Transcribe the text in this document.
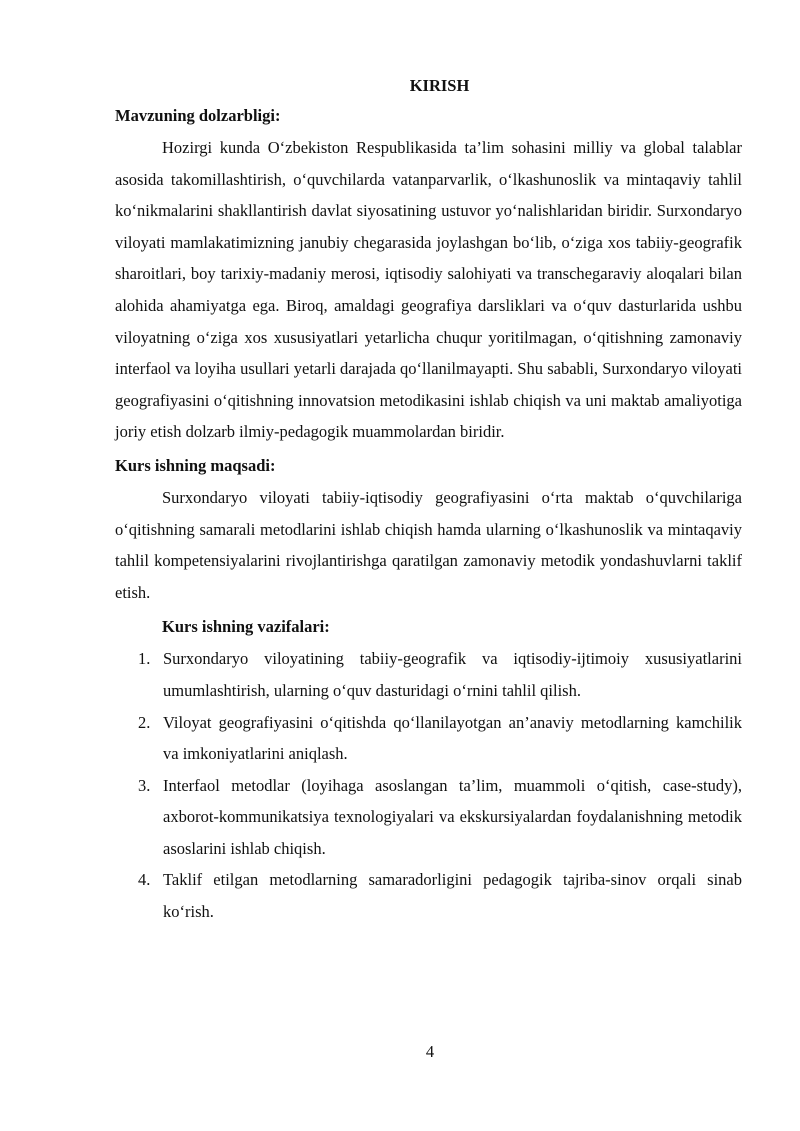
KIRISH
Mavzuning dolzarbligi:

Hozirgi kunda O‘zbekiston Respublikasida ta’lim sohasini milliy va global talablar asosida takomillashtirish, o‘quvchilarda vatanparvarlik, o‘lkashunoslik va mintaqaviy tahlil ko‘nikmalarini shakllantirish davlat siyosatining ustuvor yo‘nalishlaridan biridir. Surxondaryo viloyati mamlakatimizning janubiy chegarasida joylashgan bo‘lib, o‘ziga xos tabiiy-geografik sharoitlari, boy tarixiy-madaniy merosi, iqtisodiy salohiyati va transchegaraviy aloqalari bilan alohida ahamiyatga ega. Biroq, amaldagi geografiya darsliklari va o‘quv dasturlarida ushbu viloyatning o‘ziga xos xususiyatlari yetarlicha chuqur yoritilmagan, o‘qitishning zamonaviy interfaol va loyiha usullari yetarli darajada qo‘llanilmayapti. Shu sababli, Surxondaryo viloyati geografiyasini o‘qitishning innovatsion metodikasini ishlab chiqish va uni maktab amaliyotiga joriy etish dolzarb ilmiy-pedagogik muammolardan biridir.

Kurs ishning maqsadi:

Surxondaryo viloyati tabiiy-iqtisodiy geografiyasini o‘rta maktab o‘quvchilariga o‘qitishning samarali metodlarini ishlab chiqish hamda ularning o‘lkashunoslik va mintaqaviy tahlil kompetensiyalarini rivojlantirishga qaratilgan zamonaviy metodik yondashuvlarni taklif etish.

Kurs ishning vazifalari:
1. Surxondaryo viloyatining tabiiy-geografik va iqtisodiy-ijtimoiy xususiyatlarini umumlashtirish, ularning o‘quv dasturidagi o‘rnini tahlil qilish.
2. Viloyat geografiyasini o‘qitishda qo‘llanilayotgan an’anaviy metodlarning kamchilik va imkoniyatlarini aniqlash.
3. Interfaol metodlar (loyihaga asoslangan ta’lim, muammoli o‘qitish, case-study), axborot-kommunikatsiya texnologiyalari va ekskursiyalardan foydalanishning metodik asoslarini ishlab chiqish.
4. Taklif etilgan metodlarning samaradorligini pedagogik tajriba-sinov orqali sinab ko‘rish.
4
